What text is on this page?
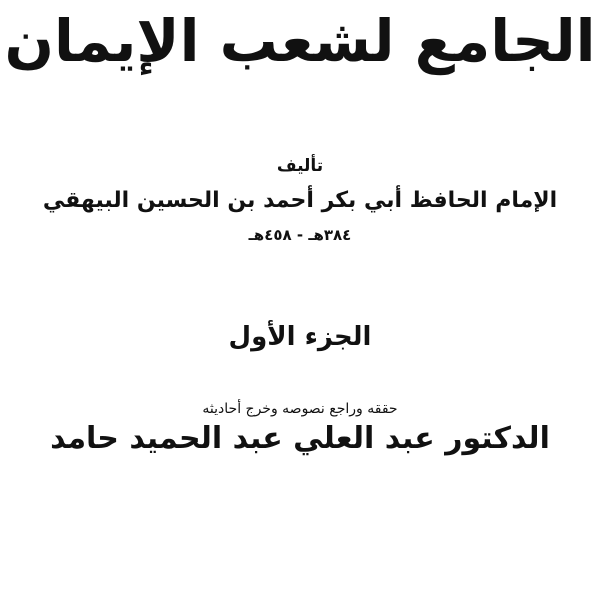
الجامع لشعب الإيمان
تأليف
الإمام الحافظ أبي بكر أحمد بن الحسين البيهقي
٣٨٤هـ - ٤٥٨هـ
الجزء الأول
حققه وراجع نصوصه وخرج أحاديثه
الدكتور عبد العلي عبد الحميد حامد
